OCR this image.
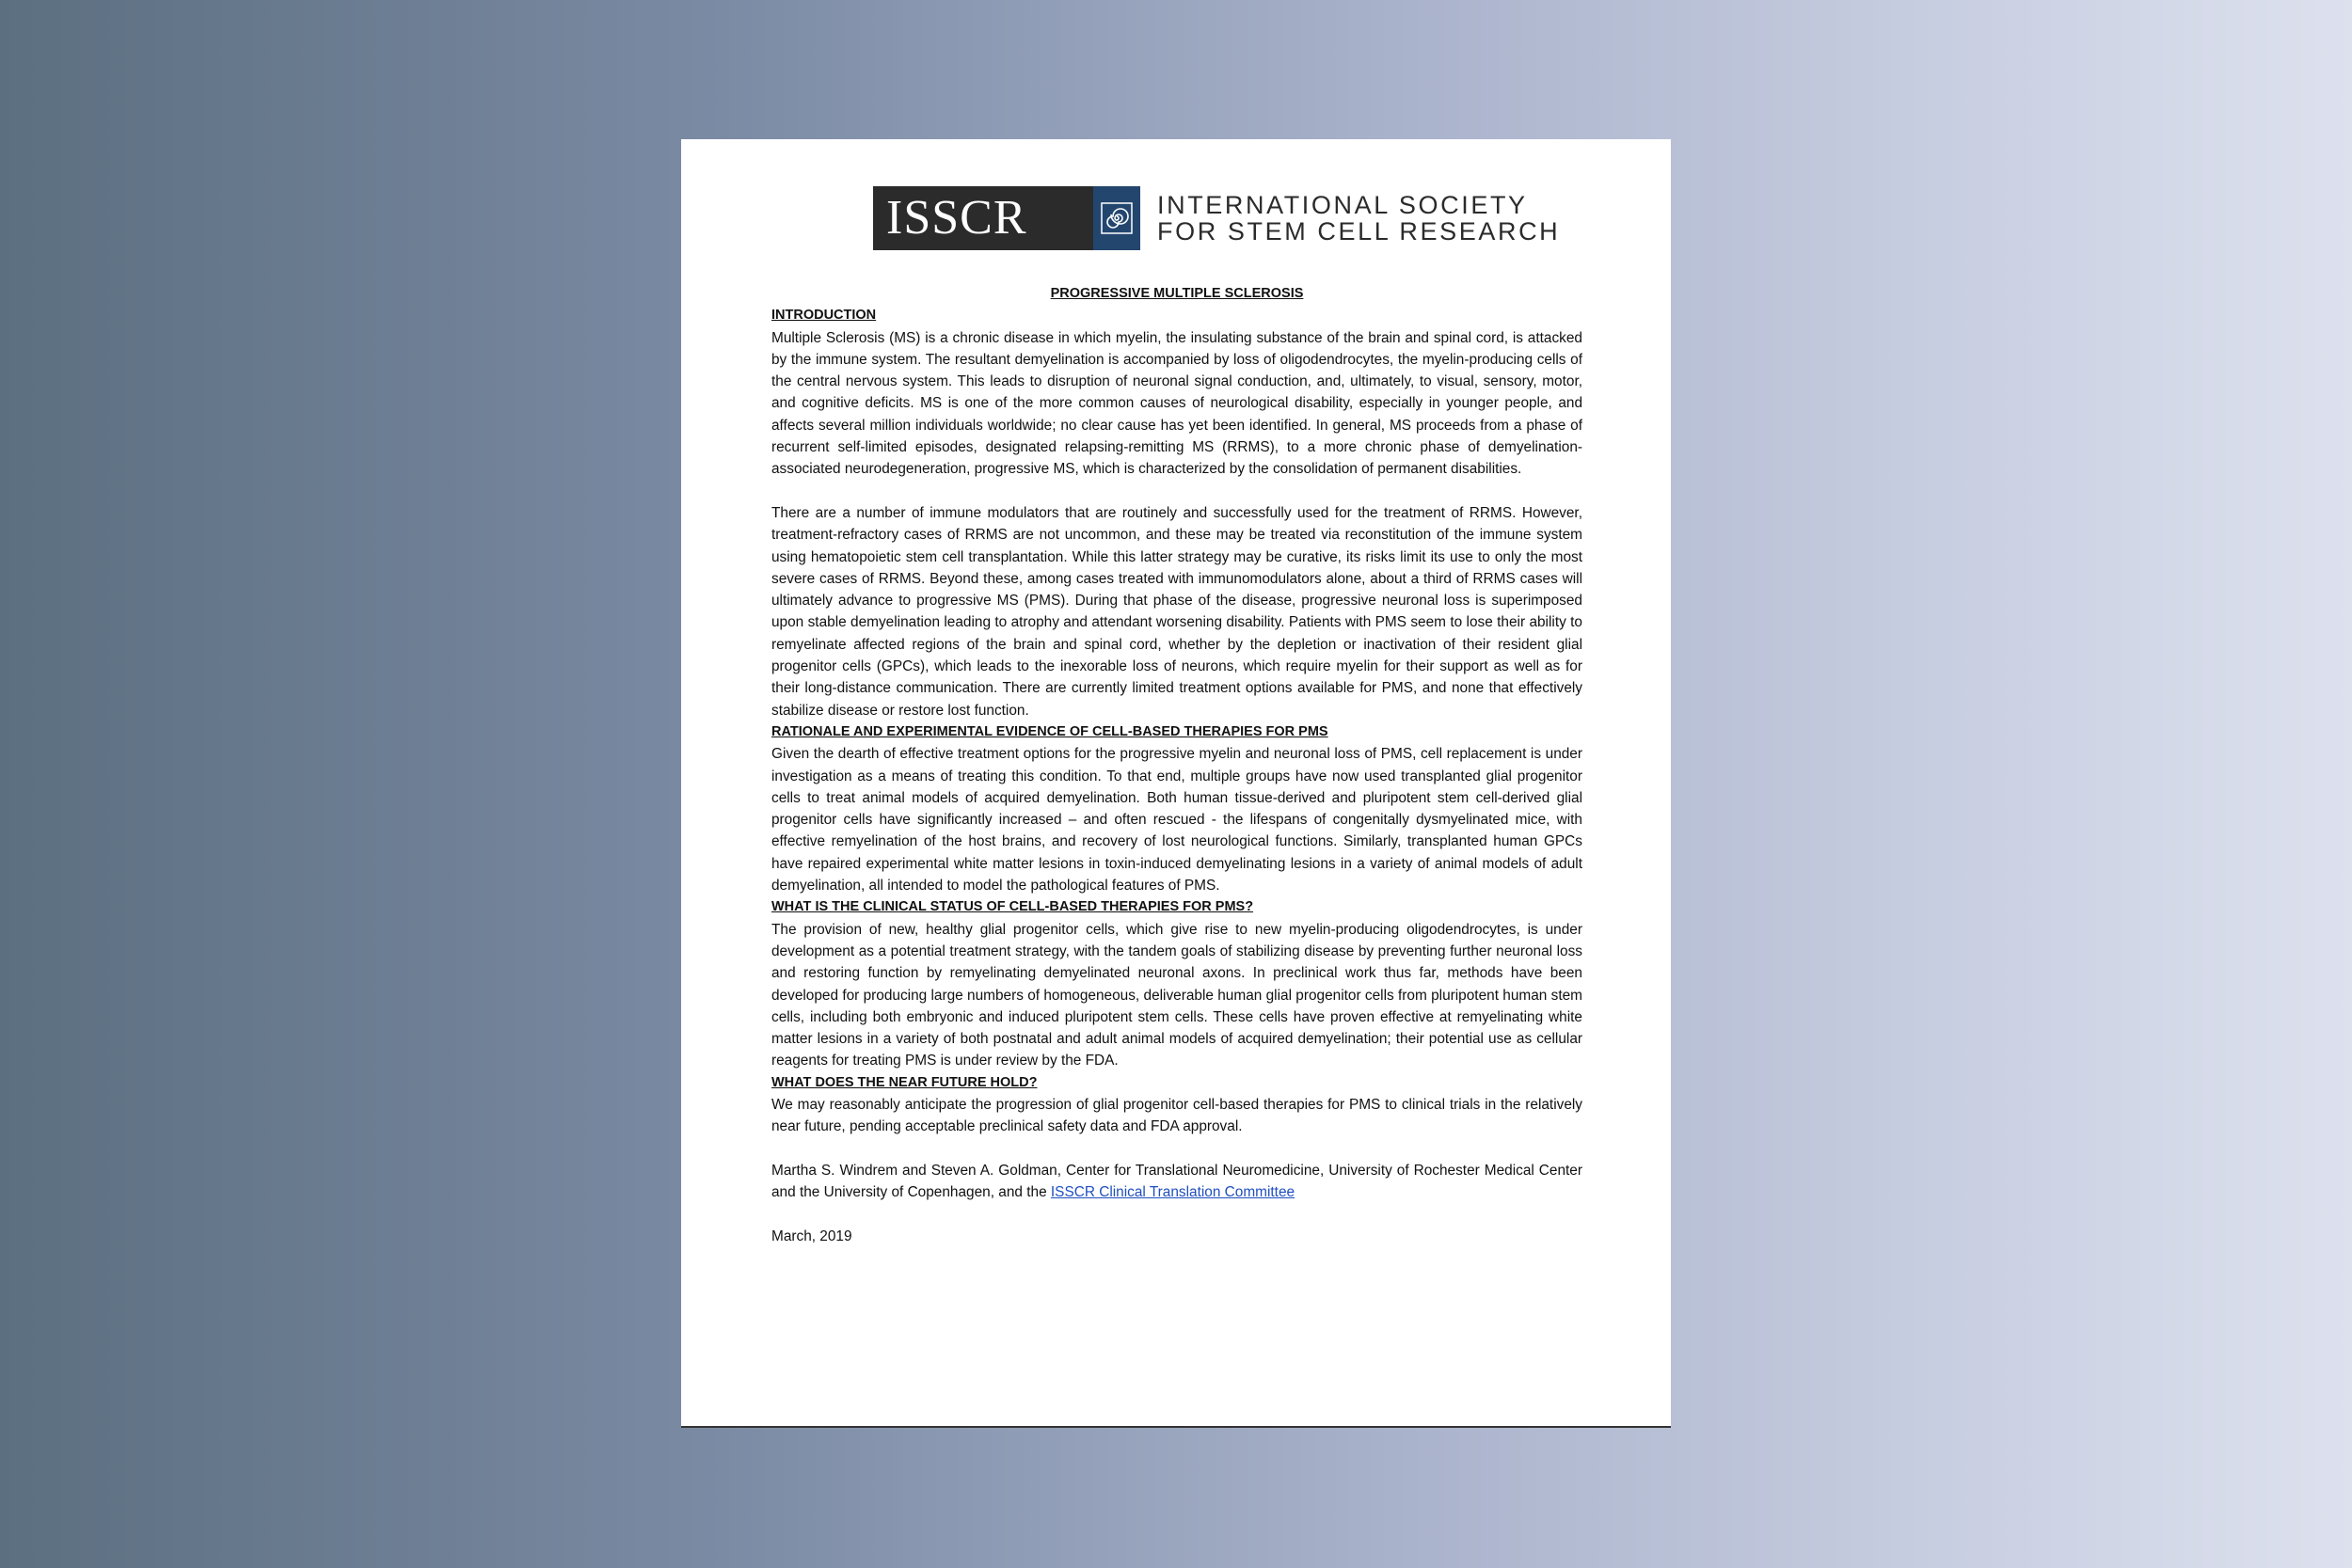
ISSCR	INTERNATIONAL SOCIETY
FOR STEM CELL RESEARCH
PROGRESSIVE MULTIPLE SCLEROSIS
INTRODUCTION

Multiple Sclerosis (MS) is a chronic disease in which myelin, the insulating substance of the brain and spinal cord, is attacked by the immune system. The resultant demyelination is accompanied by loss of oligodendrocytes, the myelin-producing cells of the central nervous system. This leads to disruption of neuronal signal conduction, and, ultimately, to visual, sensory, motor, and cognitive deficits. MS is one of the more common causes of neurological disability, especially in younger people, and affects several million individuals worldwide; no clear cause has yet been identified. In general, MS proceeds from a phase of recurrent self-limited episodes, designated relapsing-remitting MS (RRMS), to a more chronic phase of demyelination-associated neurodegeneration, progressive MS, which is characterized by the consolidation of permanent disabilities.

There are a number of immune modulators that are routinely and successfully used for the treatment of RRMS. However, treatment-refractory cases of RRMS are not uncommon, and these may be treated via reconstitution of the immune system using hematopoietic stem cell transplantation. While this latter strategy may be curative, its risks limit its use to only the most severe cases of RRMS. Beyond these, among cases treated with immunomodulators alone, about a third of RRMS cases will ultimately advance to progressive MS (PMS). During that phase of the disease, progressive neuronal loss is superimposed upon stable demyelination leading to atrophy and attendant worsening disability. Patients with PMS seem to lose their ability to remyelinate affected regions of the brain and spinal cord, whether by the depletion or inactivation of their resident glial progenitor cells (GPCs), which leads to the inexorable loss of neurons, which require myelin for their support as well as for their long-distance communication. There are currently limited treatment options available for PMS, and none that effectively stabilize disease or restore lost function.

RATIONALE AND EXPERIMENTAL EVIDENCE OF CELL-BASED THERAPIES FOR PMS

Given the dearth of effective treatment options for the progressive myelin and neuronal loss of PMS, cell replacement is under investigation as a means of treating this condition. To that end, multiple groups have now used transplanted glial progenitor cells to treat animal models of acquired demyelination. Both human tissue-derived and pluripotent stem cell-derived glial progenitor cells have significantly increased – and often rescued - the lifespans of congenitally dysmyelinated mice, with effective remyelination of the host brains, and recovery of lost neurological functions. Similarly, transplanted human GPCs have repaired experimental white matter lesions in toxin-induced demyelinating lesions in a variety of animal models of adult demyelination, all intended to model the pathological features of PMS.

WHAT IS THE CLINICAL STATUS OF CELL-BASED THERAPIES FOR PMS?

The provision of new, healthy glial progenitor cells, which give rise to new myelin-producing oligodendrocytes, is under development as a potential treatment strategy, with the tandem goals of stabilizing disease by preventing further neuronal loss and restoring function by remyelinating demyelinated neuronal axons. In preclinical work thus far, methods have been developed for producing large numbers of homogeneous, deliverable human glial progenitor cells from pluripotent human stem cells, including both embryonic and induced pluripotent stem cells. These cells have proven effective at remyelinating white matter lesions in a variety of both postnatal and adult animal models of acquired demyelination; their potential use as cellular reagents for treating PMS is under review by the FDA.

WHAT DOES THE NEAR FUTURE HOLD?

We may reasonably anticipate the progression of glial progenitor cell-based therapies for PMS to clinical trials in the relatively near future, pending acceptable preclinical safety data and FDA approval.

Martha S. Windrem and Steven A. Goldman, Center for Translational Neuromedicine, University of Rochester Medical Center and the University of Copenhagen, and the ISSCR Clinical Translation Committee

March, 2019
